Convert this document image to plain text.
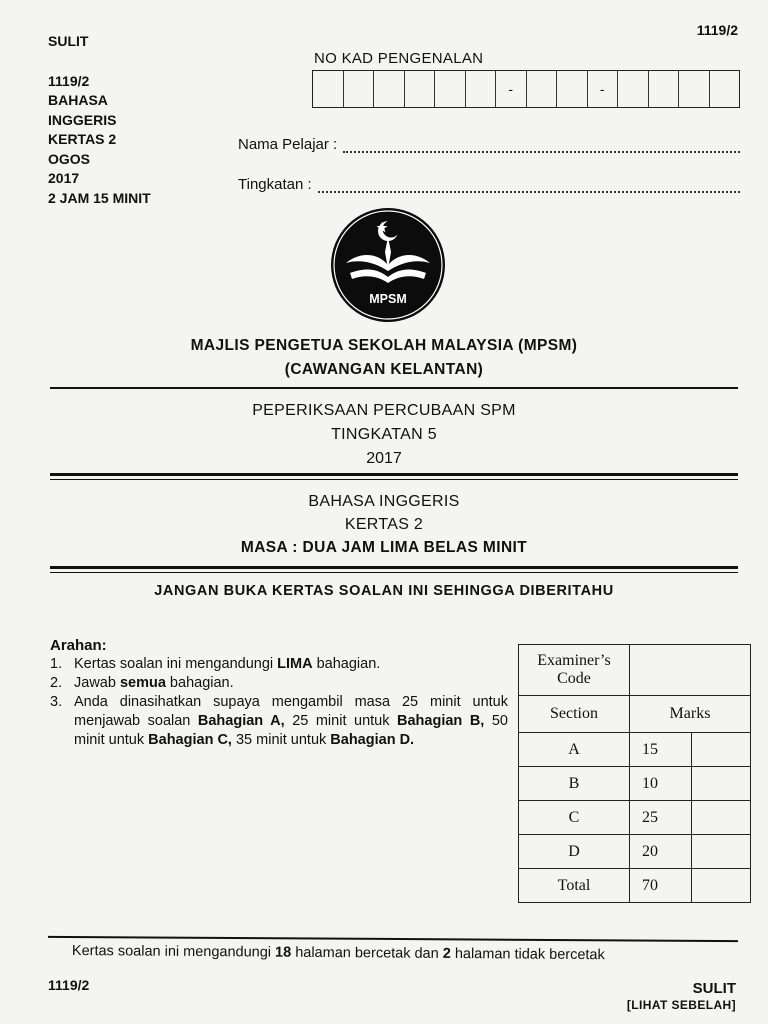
SULIT
1119/2
BAHASA
INGGERIS
KERTAS 2
OGOS
2017
2 JAM 15 MINIT
1119/2
NO KAD PENGENALAN
-	-
Nama Pelajar :
Tingkatan :
KEPIMPINAN	BERKUALITI
MPSM
MAJLIS PENGETUA SEKOLAH MALAYSIA (MPSM)
(CAWANGAN KELANTAN)
PEPERIKSAAN PERCUBAAN SPM
TINGKATAN 5
2017
BAHASA INGGERIS
KERTAS 2
MASA : DUA JAM LIMA BELAS MINIT
JANGAN BUKA KERTAS SOALAN INI SEHINGGA DIBERITAHU
Arahan:
1. Kertas soalan ini mengandungi LIMA bahagian.
2. Jawab semua bahagian.
3. Anda dinasihatkan supaya mengambil masa 25 minit untuk menjawab soalan Bahagian A, 25 minit untuk Bahagian B, 50 minit untuk Bahagian C, 35 minit untuk Bahagian D.
Examiner’s Code		
Section	Marks	
A	15	
B	10	
C	25	
D	20	
Total	70	
Kertas soalan ini mengandungi 18 halaman bercetak dan 2 halaman tidak bercetak
1119/2	SULIT
[LIHAT SEBELAH]
